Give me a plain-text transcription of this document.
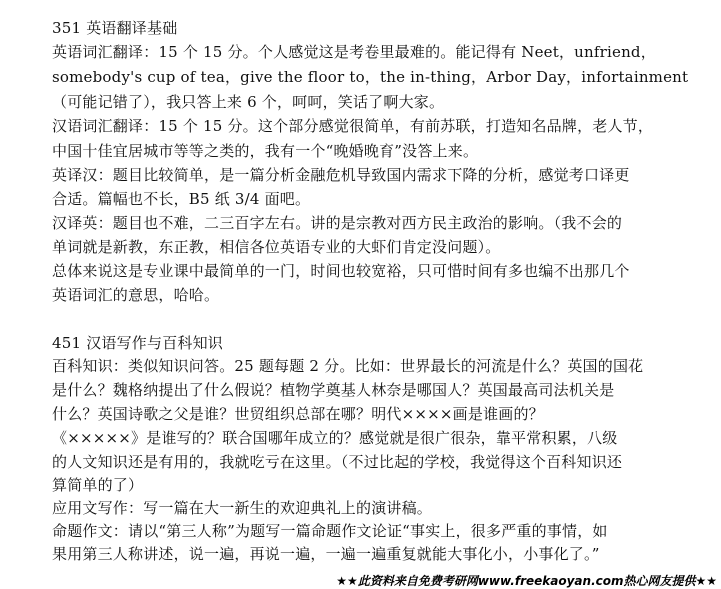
351 英语翻译基础
英语词汇翻译：15 个 15 分。个人感觉这是考卷里最难的。能记得有 Neet，unfriend，
somebody's cup of tea，give the floor to，the in-thing，Arbor Day，infortainment
（可能记错了），我只答上来 6 个，呵呵，笑话了啊大家。
汉语词汇翻译：15 个 15 分。这个部分感觉很简单，有前苏联，打造知名品牌，老人节，
中国十佳宜居城市等等之类的，我有一个“晚婚晚育”没答上来。
英译汉：题目比较简单，是一篇分析金融危机导致国内需求下降的分析，感觉考口译更
合适。篇幅也不长，B5 纸 3/4 面吧。
汉译英：题目也不难，二三百字左右。讲的是宗教对西方民主政治的影响。（我不会的
单词就是新教，东正教，相信各位英语专业的大虾们肯定没问题）。
总体来说这是专业课中最简单的一门，时间也较宽裕，只可惜时间有多也编不出那几个
英语词汇的意思，哈哈。
451 汉语写作与百科知识
百科知识：类似知识问答。25 题每题 2 分。比如：世界最长的河流是什么？英国的国花
是什么？魏格纳提出了什么假说？植物学奠基人林奈是哪国人？英国最高司法机关是
什么？英国诗歌之父是谁？世贸组织总部在哪？明代××××画是谁画的？
《×××××》是谁写的？联合国哪年成立的？感觉就是很广很杂，靠平常积累，八级
的人文知识还是有用的，我就吃亏在这里。（不过比起的学校，我觉得这个百科知识还
算简单的了）
应用文写作：写一篇在大一新生的欢迎典礼上的演讲稿。
命题作文：请以“第三人称”为题写一篇命题作文论证“事实上，很多严重的事情，如
果用第三人称讲述，说一遍，再说一遍，一遍一遍重复就能大事化小，小事化了。”
★★此资料来自免费考研网www.freekaoyan.com热心网友提供★★
